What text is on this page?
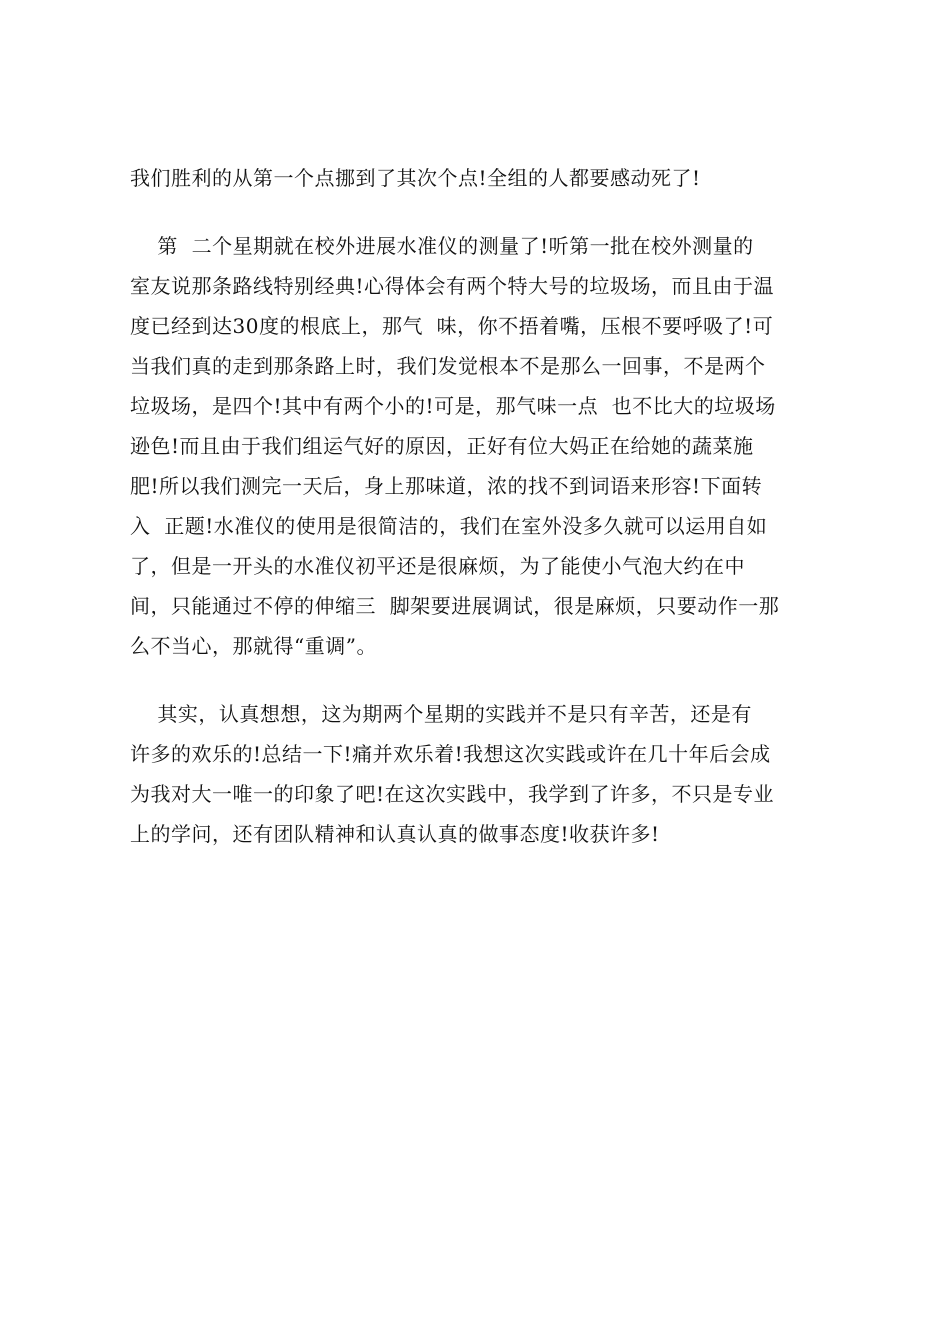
我们胜利的从第一个点挪到了其次个点!全组的人都要感动死了!
第  二个星期就在校外进展水准仪的测量了!听第一批在校外测量的
室友说那条路线特别经典!心得体会有两个特大号的垃圾场，而且由于温
度已经到达30度的根底上，那气  味，你不捂着嘴，压根不要呼吸了!可
当我们真的走到那条路上时，我们发觉根本不是那么一回事，不是两个
垃圾场，是四个!其中有两个小的!可是，那气味一点  也不比大的垃圾场
逊色!而且由于我们组运气好的原因，正好有位大妈正在给她的蔬菜施
肥!所以我们测完一天后，身上那味道，浓的找不到词语来形容!下面转
入  正题!水准仪的使用是很简洁的，我们在室外没多久就可以运用自如
了，但是一开头的水准仪初平还是很麻烦，为了能使小气泡大约在中
间，只能通过不停的伸缩三  脚架要进展调试，很是麻烦，只要动作一那
么不当心，那就得“重调”。
其实，认真想想，这为期两个星期的实践并不是只有辛苦，还是有
许多的欢乐的!总结一下!痛并欢乐着!我想这次实践或许在几十年后会成
为我对大一唯一的印象了吧!在这次实践中，我学到了许多，不只是专业
上的学问，还有团队精神和认真认真的做事态度!收获许多!
